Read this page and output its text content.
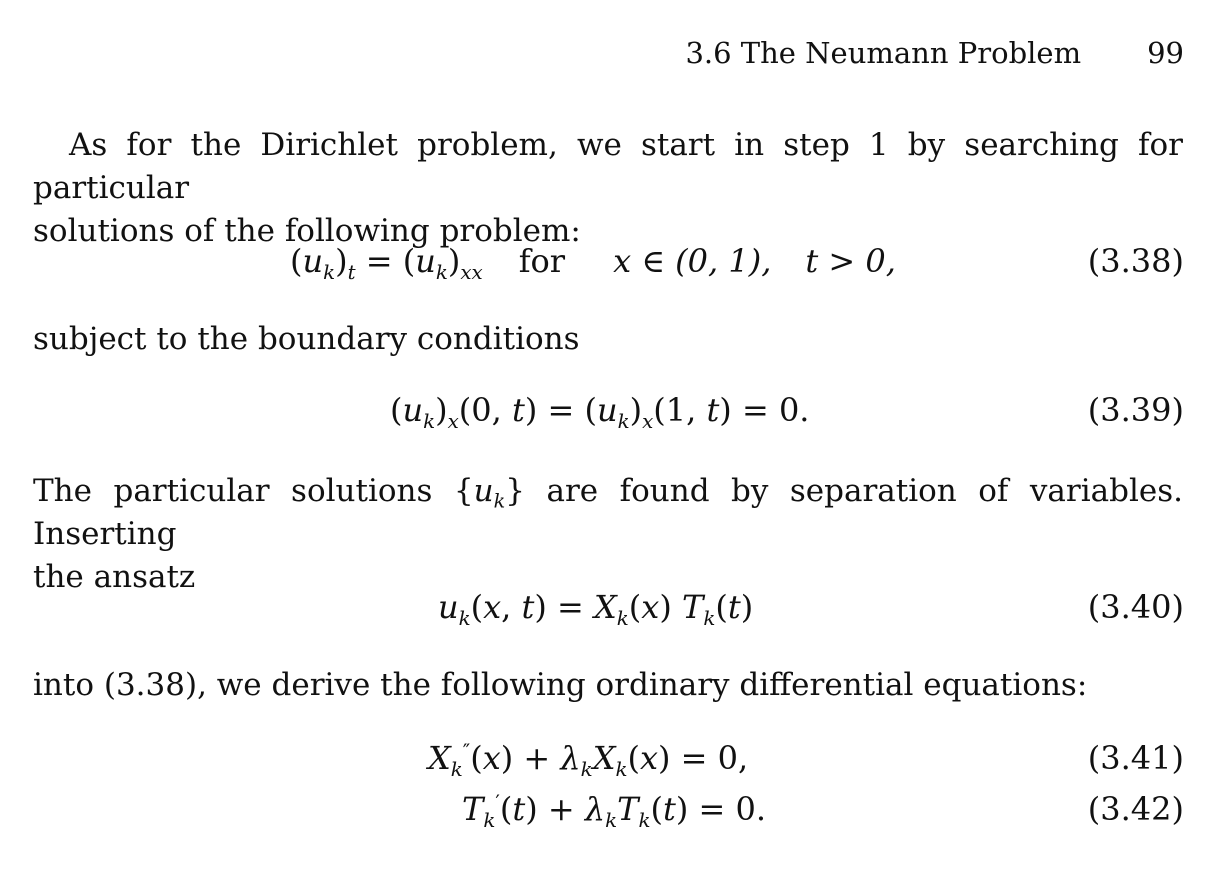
3.6 The Neumann Problem 99
As for the Dirichlet problem, we start in step 1 by searching for particular
solutions of the following problem:
$(u_k)_t = (u_k)_{xx}$ for x ∈ (0, 1), t > 0,	(3.38)
subject to the boundary conditions
$(u_k)_x(0$, $t) = (u_k)_x(1$, t) = 0.	(3.39)
The particular solutions $\{u_k\}$ are found by separation of variables. Inserting
the ansatz
$u_k(x$, $t) = X_k(x)$ $T_k(t)$	(3.40)
into (3.38), we derive the following ordinary differential equations:
$X_k''(x) + \lambda_kX_k(x) = 0$,	(3.41)
$T_k'(t) + \lambda_kT_k(t) = 0$.	(3.42)
